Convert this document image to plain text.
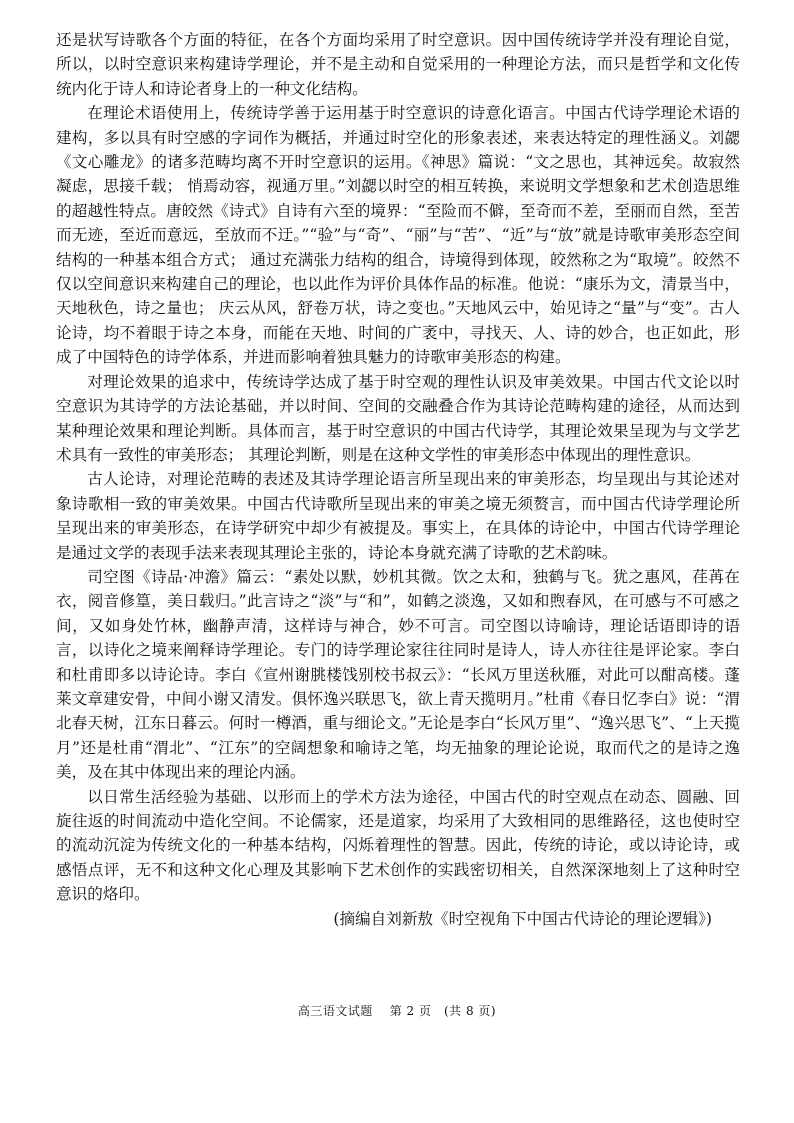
还是状写诗歌各个方面的特征，在各个方面均采用了时空意识。因中国传统诗学并没有理论自觉，所以，以时空意识来构建诗学理论，并不是主动和自觉采用的一种理论方法，而只是哲学和文化传统内化于诗人和诗论者身上的一种文化结构。

在理论术语使用上，传统诗学善于运用基于时空意识的诗意化语言。中国古代诗学理论术语的建构，多以具有时空感的字词作为概括，并通过时空化的形象表述，来表达特定的理性涵义。刘勰《文心雕龙》的诸多范畴均离不开时空意识的运用。《神思》篇说：“文之思也，其神远矣。故寂然凝虑，思接千载； 悄焉动容，视通万里。”刘勰以时空的相互转换，来说明文学想象和艺术创造思维的超越性特点。唐皎然《诗式》自诗有六至的境界：“至险而不僻，至奇而不差，至丽而自然，至苦而无迹，至近而意远，至放而不迂。”“验”与“奇”、“丽”与“苦”、“近”与“放”就是诗歌审美形态空间结构的一种基本组合方式； 通过充满张力结构的组合，诗境得到体现，皎然称之为“取境”。皎然不仅以空间意识来构建自己的理论，也以此作为评价具体作品的标准。他说：“康乐为文，清景当中，天地秋色，诗之量也； 庆云从风，舒卷万状，诗之变也。”天地风云中，始见诗之“量”与“变”。古人论诗，均不着眼于诗之本身，而能在天地、时间的广袤中，寻找天、人、诗的妙合，也正如此，形成了中国特色的诗学体系，并进而影响着独具魅力的诗歌审美形态的构建。

对理论效果的追求中，传统诗学达成了基于时空观的理性认识及审美效果。中国古代文论以时空意识为其诗学的方法论基础，并以时间、空间的交融叠合作为其诗论范畴构建的途径，从而达到某种理论效果和理论判断。具体而言，基于时空意识的中国古代诗学，其理论效果呈现为与文学艺术具有一致性的审美形态； 其理论判断，则是在这种文学性的审美形态中体现出的理性意识。

古人论诗，对理论范畴的表述及其诗学理论语言所呈现出来的审美形态，均呈现出与其论述对象诗歌相一致的审美效果。中国古代诗歌所呈现出来的审美之境无须赘言，而中国古代诗学理论所呈现出来的审美形态，在诗学研究中却少有被提及。事实上，在具体的诗论中，中国古代诗学理论是通过文学的表现手法来表现其理论主张的，诗论本身就充满了诗歌的艺术韵味。

司空图《诗品·冲澹》篇云：“素处以默，妙机其微。饮之太和，独鹤与飞。犹之惠风，荏苒在衣，阅音修篁，美日载归。”此言诗之“淡”与“和”，如鹤之淡逸，又如和煦春风，在可感与不可感之间，又如身处竹林，幽静声清，这样诗与神合，妙不可言。司空图以诗喻诗，理论话语即诗的语言，以诗化之境来阐释诗学理论。专门的诗学理论家往往同时是诗人，诗人亦往往是评论家。李白和杜甫即多以诗论诗。李白《宣州谢朓楼饯别校书叔云》：“长风万里送秋雁，对此可以酣高楼。蓬莱文章建安骨，中间小谢又清发。俱怀逸兴联思飞，欲上青天揽明月。”杜甫《春日忆李白》说：“渭北春天树，江东日暮云。何时一樽酒，重与细论文。”无论是李白“长风万里”、“逸兴思飞”、“上天揽月”还是杜甫“渭北”、“江东”的空阔想象和喻诗之笔，均无抽象的理论论说，取而代之的是诗之逸美，及在其中体现出来的理论内涵。

以日常生活经验为基础、以形而上的学术方法为途径，中国古代的时空观点在动态、圆融、回旋往返的时间流动中造化空间。不论儒家，还是道家，均采用了大致相同的思维路径，这也使时空的流动沉淀为传统文化的一种基本结构，闪烁着理性的智慧。因此，传统的诗论，或以诗论诗，或感悟点评，无不和这种文化心理及其影响下艺术创作的实践密切相关，自然深深地刻上了这种时空意识的烙印。

(摘编自刘新敖《时空视角下中国古代诗论的理论逻辑》)

高三语文试题　 第 2 页　(共 8 页)
